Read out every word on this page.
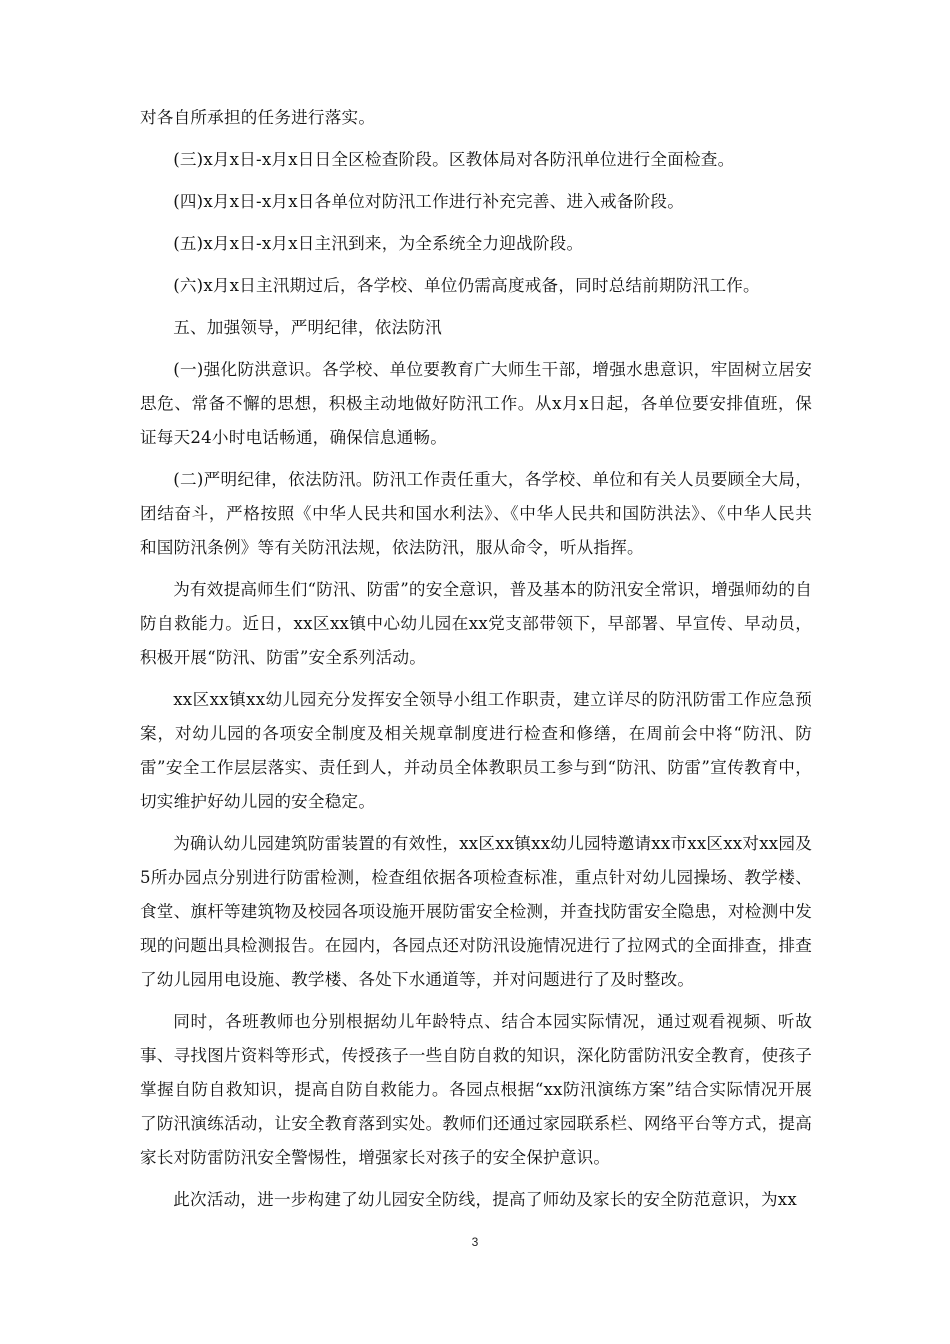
对各自所承担的任务进行落实。

(三)x月x日-x月x日日全区检查阶段。区教体局对各防汛单位进行全面检查。

(四)x月x日-x月x日各单位对防汛工作进行补充完善、进入戒备阶段。

(五)x月x日-x月x日主汛到来，为全系统全力迎战阶段。

(六)x月x日主汛期过后，各学校、单位仍需高度戒备，同时总结前期防汛工作。

五、加强领导，严明纪律，依法防汛

(一)强化防洪意识。各学校、单位要教育广大师生干部，增强水患意识，牢固树立居安思危、常备不懈的思想，积极主动地做好防汛工作。从x月x日起，各单位要安排值班，保证每天24小时电话畅通，确保信息通畅。

(二)严明纪律，依法防汛。防汛工作责任重大，各学校、单位和有关人员要顾全大局，团结奋斗，严格按照《中华人民共和国水利法》、《中华人民共和国防洪法》、《中华人民共和国防汛条例》等有关防汛法规，依法防汛，服从命令，听从指挥。

为有效提高师生们“防汛、防雷”的安全意识，普及基本的防汛安全常识，增强师幼的自防自救能力。近日，xx区xx镇中心幼儿园在xx党支部带领下，早部署、早宣传、早动员，积极开展“防汛、防雷”安全系列活动。

xx区xx镇xx幼儿园充分发挥安全领导小组工作职责，建立详尽的防汛防雷工作应急预案，对幼儿园的各项安全制度及相关规章制度进行检查和修缮，在周前会中将“防汛、防雷”安全工作层层落实、责任到人，并动员全体教职员工参与到“防汛、防雷”宣传教育中，切实维护好幼儿园的安全稳定。

为确认幼儿园建筑防雷装置的有效性，xx区xx镇xx幼儿园特邀请xx市xx区xx对xx园及5所办园点分别进行防雷检测，检查组依据各项检查标准，重点针对幼儿园操场、教学楼、食堂、旗杆等建筑物及校园各项设施开展防雷安全检测，并查找防雷安全隐患，对检测中发现的问题出具检测报告。在园内，各园点还对防汛设施情况进行了拉网式的全面排查，排查了幼儿园用电设施、教学楼、各处下水通道等，并对问题进行了及时整改。

同时，各班教师也分别根据幼儿年龄特点、结合本园实际情况，通过观看视频、听故事、寻找图片资料等形式，传授孩子一些自防自救的知识，深化防雷防汛安全教育，使孩子掌握自防自救知识，提高自防自救能力。各园点根据“xx防汛演练方案”结合实际情况开展了防汛演练活动，让安全教育落到实处。教师们还通过家园联系栏、网络平台等方式，提高家长对防雷防汛安全警惕性，增强家长对孩子的安全保护意识。

此次活动，进一步构建了幼儿园安全防线，提高了师幼及家长的安全防范意识，为xx

3
